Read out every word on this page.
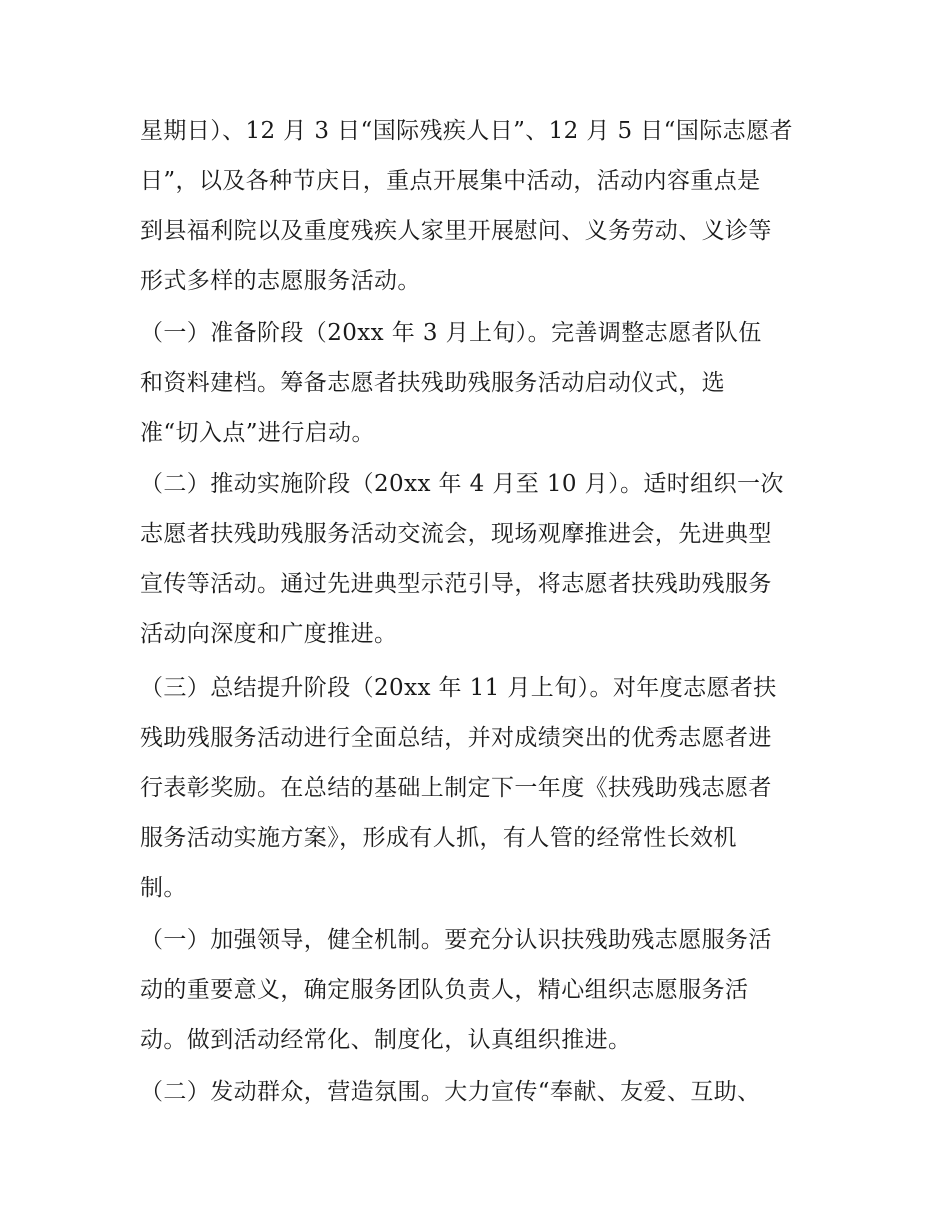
星期日）、12 月 3 日“国际残疾人日”、12 月 5 日“国际志愿者
日”，以及各种节庆日，重点开展集中活动，活动内容重点是
到县福利院以及重度残疾人家里开展慰问、义务劳动、义诊等
形式多样的志愿服务活动。
（一）准备阶段（20xx 年 3 月上旬）。完善调整志愿者队伍
和资料建档。筹备志愿者扶残助残服务活动启动仪式，选
准“切入点”进行启动。
（二）推动实施阶段（20xx 年 4 月至 10 月）。适时组织一次
志愿者扶残助残服务活动交流会，现场观摩推进会，先进典型
宣传等活动。通过先进典型示范引导，将志愿者扶残助残服务
活动向深度和广度推进。
（三）总结提升阶段（20xx 年 11 月上旬）。对年度志愿者扶
残助残服务活动进行全面总结，并对成绩突出的优秀志愿者进
行表彰奖励。在总结的基础上制定下一年度《扶残助残志愿者
服务活动实施方案》，形成有人抓，有人管的经常性长效机
制。
（一）加强领导，健全机制。要充分认识扶残助残志愿服务活
动的重要意义，确定服务团队负责人，精心组织志愿服务活
动。做到活动经常化、制度化，认真组织推进。
（二）发动群众，营造氛围。大力宣传“奉献、友爱、互助、
